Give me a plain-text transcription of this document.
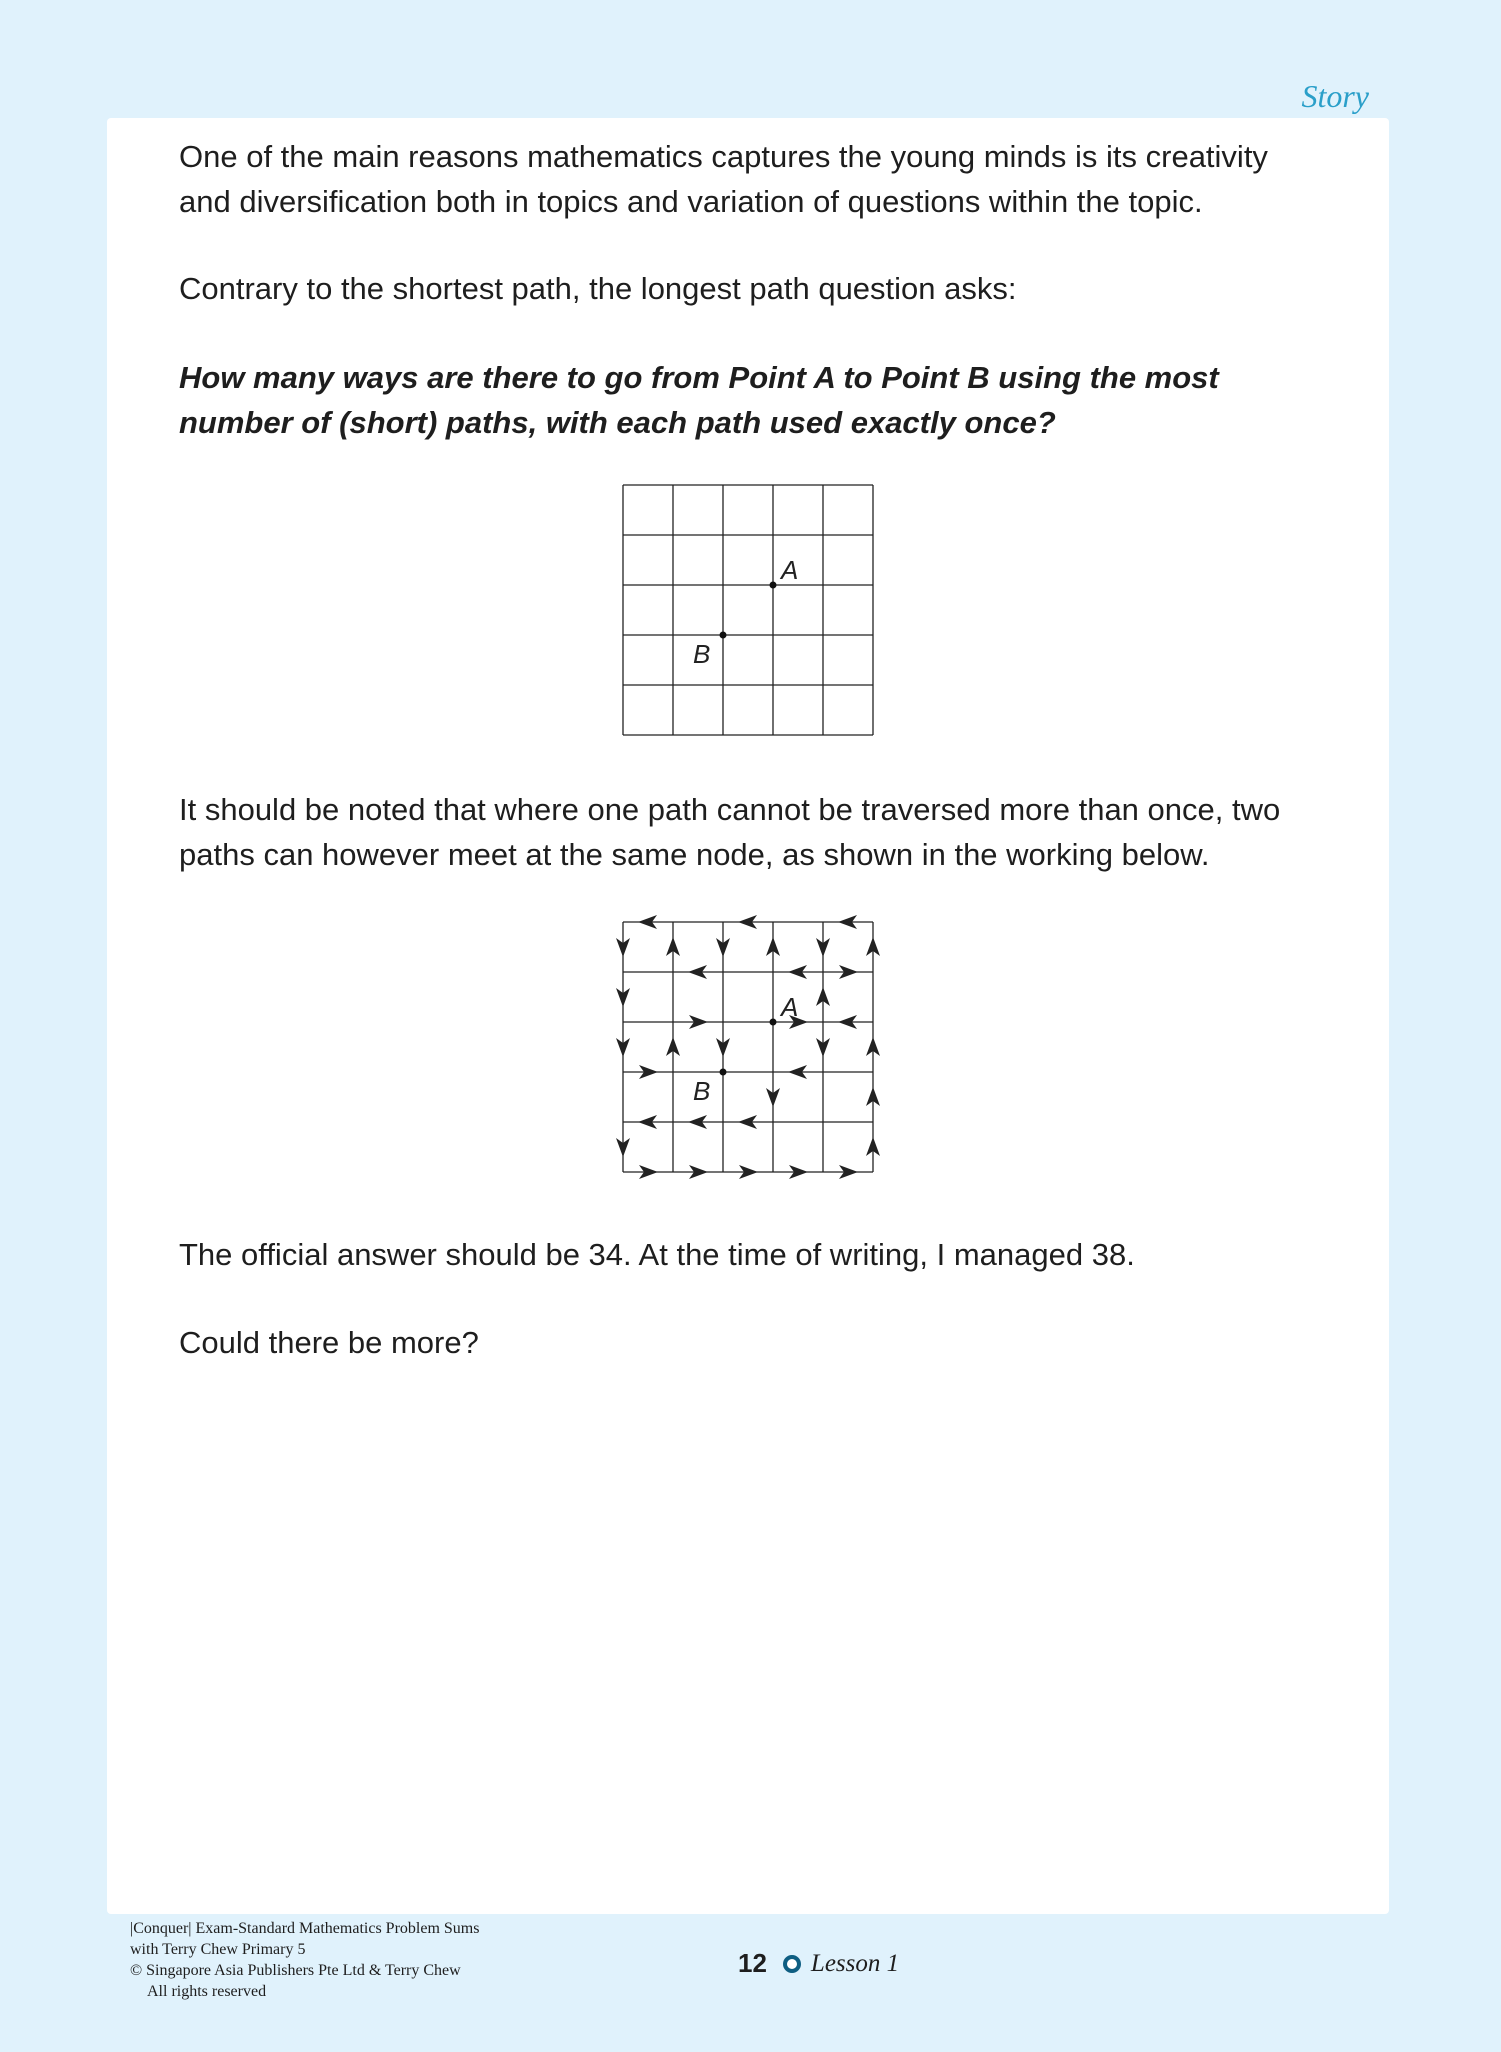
Story

One of the main reasons mathematics captures the young minds is its creativity

and diversification both in topics and variation of questions within the topic.

Contrary to the shortest path, the longest path question asks:

How many ways are there to go from Point A to Point B using the most

number of (short) paths, with each path used exactly once?

A
B

It should be noted that where one path cannot be traversed more than once, two

paths can however meet at the same node, as shown in the working below.

A
B

The official answer should be 34. At the time of writing, I managed 38.

Could there be more?

|Conquer| Exam-Standard Mathematics Problem Sums
with Terry Chew Primary 5
© Singapore Asia Publishers Pte Ltd & Terry Chew
All rights reserved
12 Lesson 1
